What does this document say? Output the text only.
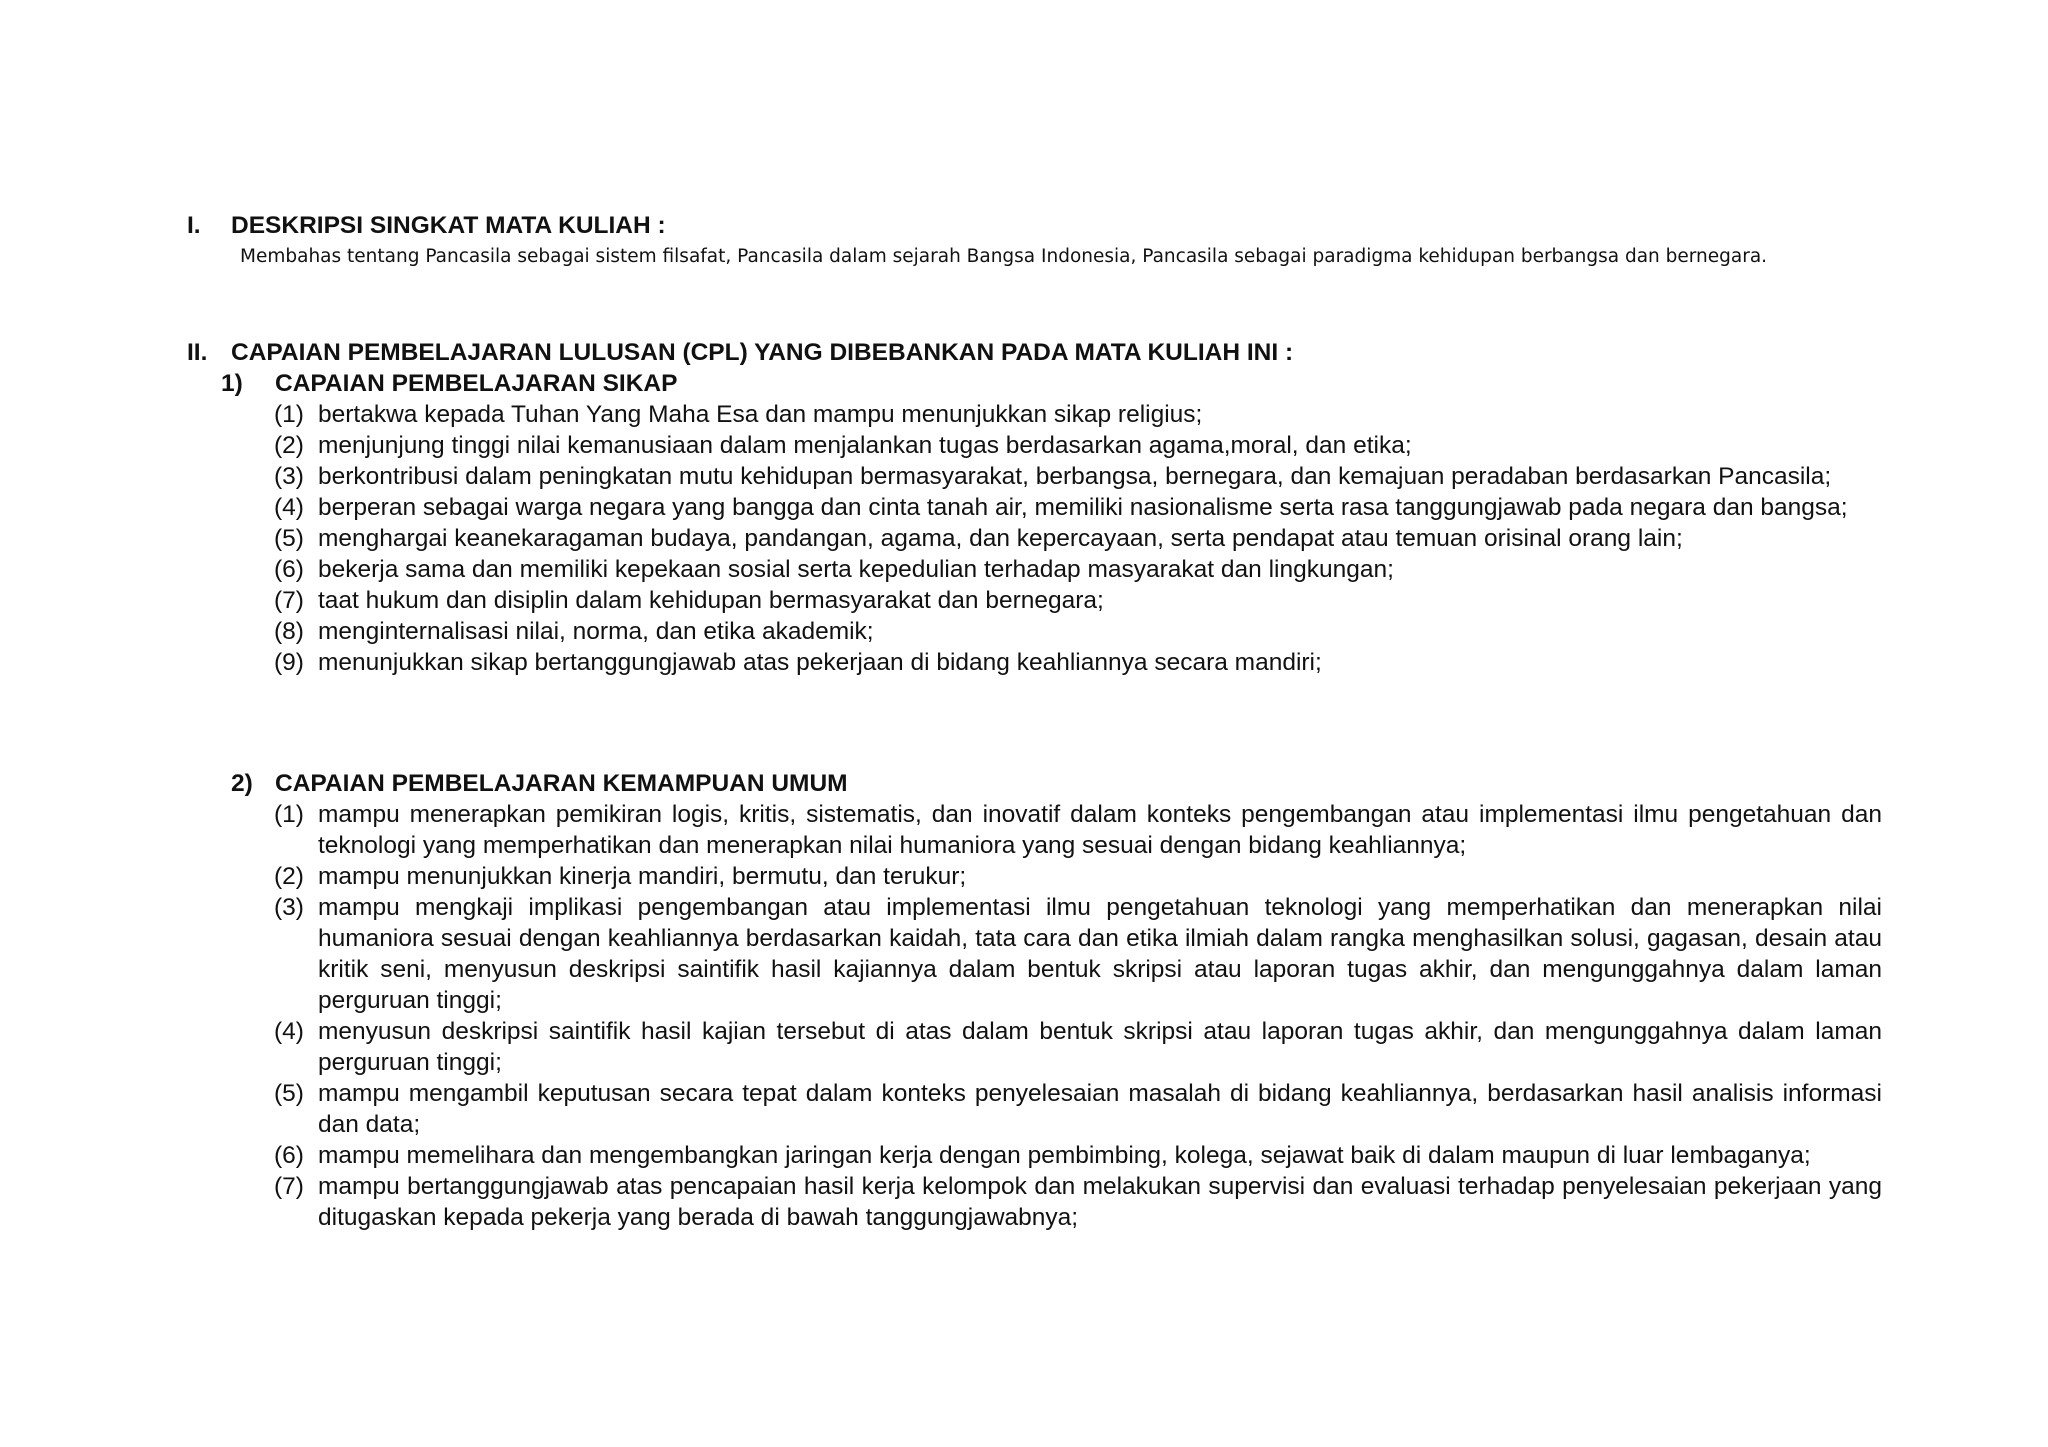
I. DESKRIPSI SINGKAT MATA KULIAH :
Membahas tentang Pancasila sebagai sistem filsafat, Pancasila dalam sejarah Bangsa Indonesia, Pancasila sebagai paradigma kehidupan berbangsa dan bernegara.
II. CAPAIAN PEMBELAJARAN LULUSAN (CPL) YANG DIBEBANKAN PADA MATA KULIAH INI :
1) CAPAIAN PEMBELAJARAN SIKAP
(1) bertakwa kepada Tuhan Yang Maha Esa dan mampu menunjukkan sikap religius;
(2) menjunjung tinggi nilai kemanusiaan dalam menjalankan tugas berdasarkan agama,moral, dan etika;
(3) berkontribusi dalam peningkatan mutu kehidupan bermasyarakat, berbangsa, bernegara, dan kemajuan peradaban berdasarkan Pancasila;
(4) berperan sebagai warga negara yang bangga dan cinta tanah air, memiliki nasionalisme serta rasa tanggungjawab pada negara dan bangsa;
(5) menghargai keanekaragaman budaya, pandangan, agama, dan kepercayaan, serta pendapat atau temuan orisinal orang lain;
(6) bekerja sama dan memiliki kepekaan sosial serta kepedulian terhadap masyarakat dan lingkungan;
(7) taat hukum dan disiplin dalam kehidupan bermasyarakat dan bernegara;
(8) menginternalisasi nilai, norma, dan etika akademik;
(9) menunjukkan sikap bertanggungjawab atas pekerjaan di bidang keahliannya secara mandiri;
2) CAPAIAN PEMBELAJARAN KEMAMPUAN UMUM
(1) mampu menerapkan pemikiran logis, kritis, sistematis, dan inovatif dalam konteks pengembangan atau implementasi ilmu pengetahuan dan teknologi yang memperhatikan dan menerapkan nilai humaniora yang sesuai dengan bidang keahliannya;
(2) mampu menunjukkan kinerja mandiri, bermutu, dan terukur;
(3) mampu mengkaji implikasi pengembangan atau implementasi ilmu pengetahuan teknologi yang memperhatikan dan menerapkan nilai humaniora sesuai dengan keahliannya berdasarkan kaidah, tata cara dan etika ilmiah dalam rangka menghasilkan solusi, gagasan, desain atau kritik seni, menyusun deskripsi saintifik hasil kajiannya dalam bentuk skripsi atau laporan tugas akhir, dan mengunggahnya dalam laman perguruan tinggi;
(4) menyusun deskripsi saintifik hasil kajian tersebut di atas dalam bentuk skripsi atau laporan tugas akhir, dan mengunggahnya dalam laman perguruan tinggi;
(5) mampu mengambil keputusan secara tepat dalam konteks penyelesaian masalah di bidang keahliannya, berdasarkan hasil analisis informasi dan data;
(6) mampu memelihara dan mengembangkan jaringan kerja dengan pembimbing, kolega, sejawat baik di dalam maupun di luar lembaganya;
(7) mampu bertanggungjawab atas pencapaian hasil kerja kelompok dan melakukan supervisi dan evaluasi terhadap penyelesaian pekerjaan yang ditugaskan kepada pekerja yang berada di bawah tanggungjawabnya;
